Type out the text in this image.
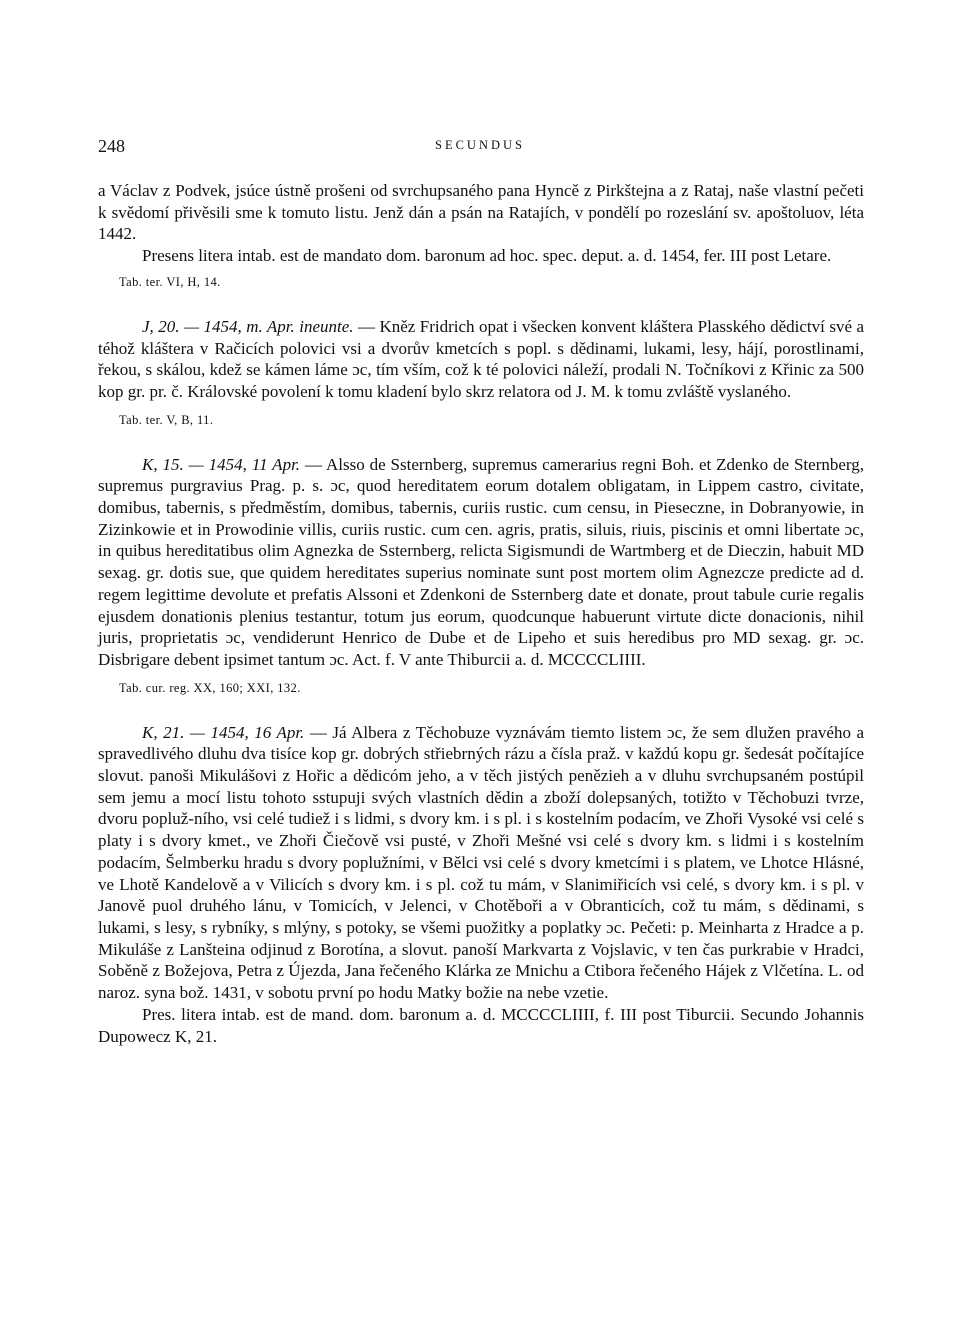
248	SECUNDUS

a Václav z Podvek, jsúce ústně prošeni od svrchupsaného pana Hyncě z Pirkštejna a z Rataj, naše vlastní pečeti k svědomí přivěsili sme k tomuto listu. Jenž dán a psán na Ratajích, v pondělí po rozeslání sv. apoštoluov, léta 1442.

Presens litera intab. est de mandato dom. baronum ad hoc. spec. deput. a. d. 1454, fer. III post Letare.

Tab. ter. VI, H, 14.

J, 20. — 1454, m. Apr. ineunte. — Kněz Fridrich opat i všecken konvent kláštera Plasského dědictví své a téhož kláštera v Račicích polovici vsi a dvorův kmetcích s popl. s dědinami, lukami, lesy, hájí, porostlinami, řekou, s skálou, kdež se kámen láme ɔc, tím vším, což k té polovici náleží, prodali N. Točníkovi z Křinic za 500 kop gr. pr. č. Královské povolení k tomu kladení bylo skrz relatora od J. M. k tomu zvláště vyslaného.

Tab. ter. V, B, 11.

K, 15. — 1454, 11 Apr. — Alsso de Ssternberg, supremus camerarius regni Boh. et Zdenko de Sternberg, supremus purgravius Prag. p. s. ɔc, quod hereditatem eorum dotalem obligatam, in Lippem castro, civitate, domibus, tabernis, s předměstím, domibus, tabernis, curiis rustic. cum censu, in Pieseczne, in Dobranyowie, in Zizinkowie et in Prowodinie villis, curiis rustic. cum cen. agris, pratis, siluis, riuis, piscinis et omni libertate ɔc, in quibus hereditatibus olim Agnezka de Ssternberg, relicta Sigismundi de Wartmberg et de Dieczin, habuit MD sexag. gr. dotis sue, que quidem hereditates superius nominate sunt post mortem olim Agnezcze predicte ad d. regem legittime devolute et prefatis Alssoni et Zdenkoni de Ssternberg date et donate, prout tabule curie regalis ejusdem donationis plenius testantur, totum jus eorum, quodcunque habuerunt virtute dicte donacionis, nihil juris, proprietatis ɔc, vendiderunt Henrico de Dube et de Lipeho et suis heredibus pro MD sexag. gr. ɔc. Disbrigare debent ipsimet tantum ɔc. Act. f. V ante Thiburcii a. d. MCCCCLIIII.

Tab. cur. reg. XX, 160; XXI, 132.

K, 21. — 1454, 16 Apr. — Já Albera z Těchobuze vyznávám tiemto listem ɔc, že sem dlužen pravého a spravedlivého dluhu dva tisíce kop gr. dobrých střiebrných rázu a čísla praž. v každú kopu gr. šedesát počítajíce slovut. panoši Mikulášovi z Hořic a dědicóm jeho, a v těch jistých penězieh a v dluhu svrchupsaném postúpil sem jemu a mocí listu tohoto sstupuji svých vlastních dědin a zboží dolepsaných, totižto v Těchobuzi tvrze, dvoru popluž-ního, vsi celé tudiež i s lidmi, s dvory km. i s pl. i s kostelním podacím, ve Zhoři Vysoké vsi celé s platy i s dvory kmet., ve Zhoři Čiečově vsi pusté, v Zhoři Mešné vsi celé s dvory km. s lidmi i s kostelním podacím, Šelmberku hradu s dvory poplužními, v Bělci vsi celé s dvory kmetcími i s platem, ve Lhotce Hlásné, ve Lhotě Kandelově a v Vilicích s dvory km. i s pl. což tu mám, v Slanimiřicích vsi celé, s dvory km. i s pl. v Janově puol druhého lánu, v Tomicích, v Jelenci, v Chotěboři a v Obranticích, což tu mám, s dědinami, s lukami, s lesy, s rybníky, s mlýny, s potoky, se všemi puožitky a poplatky ɔc. Pečeti: p. Meinharta z Hradce a p. Mikuláše z Lanšteina odjinud z Borotína, a slovut. panoší Markvarta z Vojslavic, v ten čas purkrabie v Hradci, Soběně z Božejova, Petra z Újezda, Jana řečeného Klárka ze Mnichu a Ctibora řečeného Hájek z Vlčetína. L. od naroz. syna bož. 1431, v sobotu první po hodu Matky božie na nebe vzetie.

Pres. litera intab. est de mand. dom. baronum a. d. MCCCCLIIII, f. III post Tiburcii. Secundo Johannis Dupowecz K, 21.
